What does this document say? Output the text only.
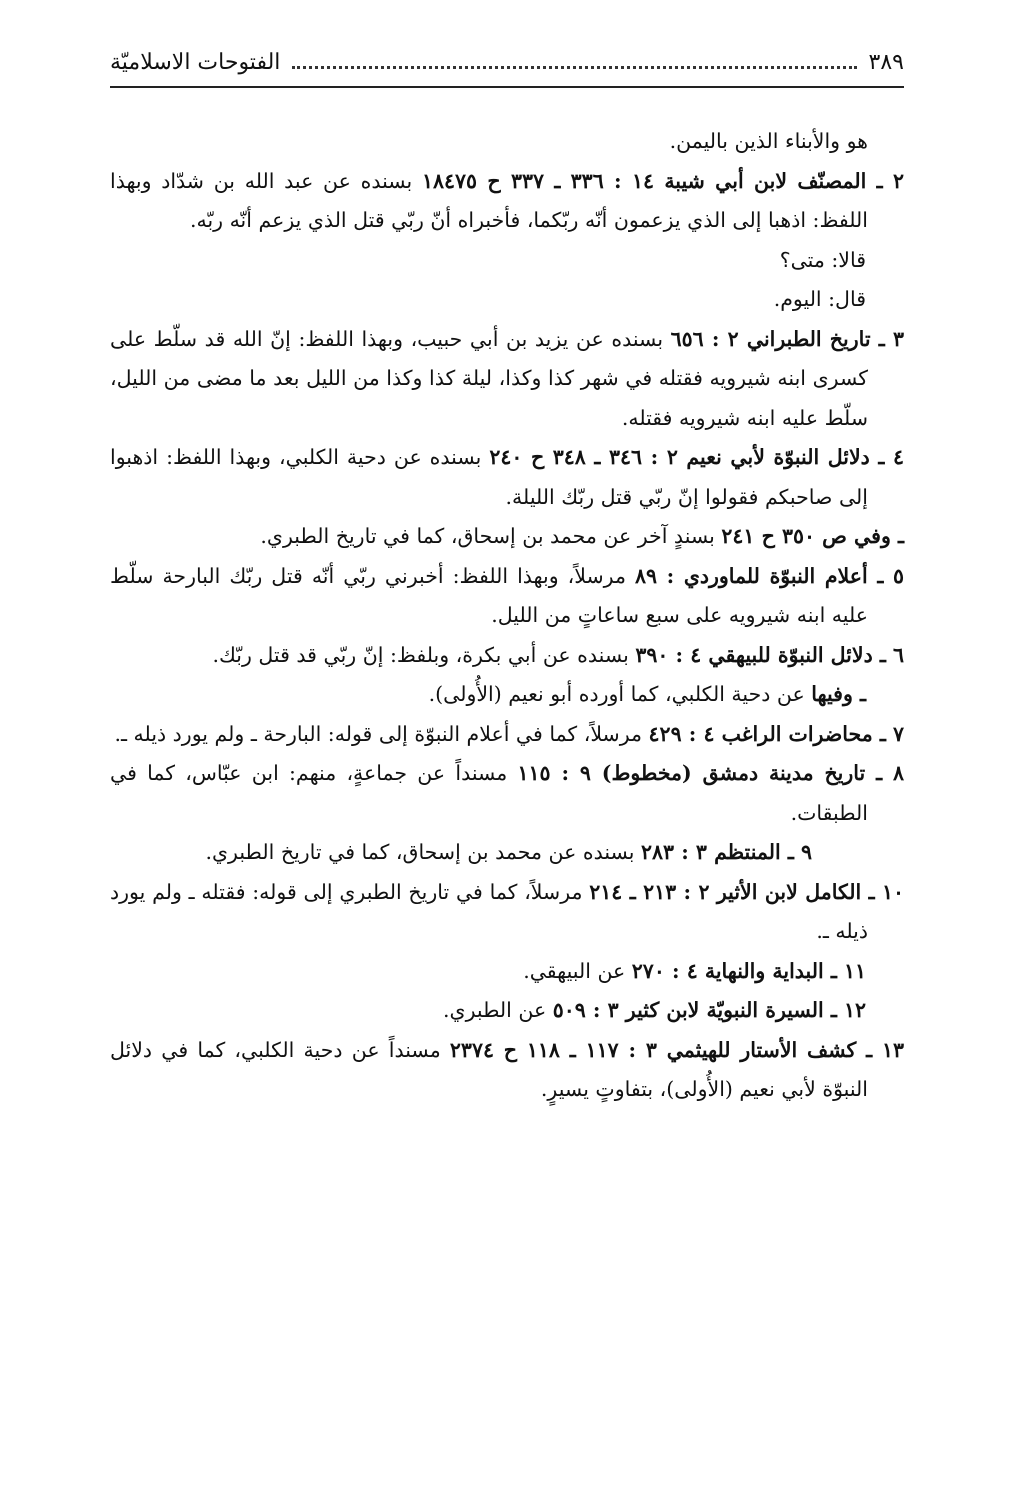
الفتوحات الاسلاميّة	٣٨٩

هو والأبناء الذين باليمن.

٢ ـ المصنّف لابن أبي شيبة ١٤ : ٣٣٦ ـ ٣٣٧ ح ١٨٤٧٥ بسنده عن عبد الله بن شدّاد وبهذا اللفظ: اذهبا إلى الذي يزعمون أنّه ربّكما، فأخبراه أنّ ربّي قتل الذي يزعم أنّه ربّه.

قالا: متى؟

قال: اليوم.

٣ ـ تاريخ الطبراني ٢ : ٦٥٦ بسنده عن يزيد بن أبي حبيب، وبهذا اللفظ: إنّ الله قد سلّط على كسرى ابنه شيرويه فقتله في شهر كذا وكذا، ليلة كذا وكذا من الليل بعد ما مضى من الليل، سلّط عليه ابنه شيرويه فقتله.

٤ ـ دلائل النبوّة لأبي نعيم ٢ : ٣٤٦ ـ ٣٤٨ ح ٢٤٠ بسنده عن دحية الكلبي، وبهذا اللفظ: اذهبوا إلى صاحبكم فقولوا إنّ ربّي قتل ربّك الليلة.

ـ وفي ص ٣٥٠ ح ٢٤١ بسندٍ آخر عن محمد بن إسحاق، كما في تاريخ الطبري.

٥ ـ أعلام النبوّة للماوردي : ٨٩ مرسلاً، وبهذا اللفظ: أخبرني ربّي أنّه قتل ربّك البارحة سلّط عليه ابنه شيرويه على سبع ساعاتٍ من الليل.

٦ ـ دلائل النبوّة للبيهقي ٤ : ٣٩٠ بسنده عن أبي بكرة، وبلفظ: إنّ ربّي قد قتل ربّك.

ـ وفيها عن دحية الكلبي، كما أورده أبو نعيم (الأُولى).

٧ ـ محاضرات الراغب ٤ : ٤٢٩ مرسلاً، كما في أعلام النبوّة إلى قوله: البارحة ـ ولم يورد ذيله ـ.

٨ ـ تاريخ مدينة دمشق (مخطوط) ٩ : ١١٥ مسنداً عن جماعةٍ، منهم: ابن عبّاس، كما في الطبقات.

٩ ـ المنتظم ٣ : ٢٨٣ بسنده عن محمد بن إسحاق، كما في تاريخ الطبري.

١٠ ـ الكامل لابن الأثير ٢ : ٢١٣ ـ ٢١٤ مرسلاً، كما في تاريخ الطبري إلى قوله: فقتله ـ ولم يورد ذيله ـ.

١١ ـ البداية والنهاية ٤ : ٢٧٠ عن البيهقي.

١٢ ـ السيرة النبويّة لابن كثير ٣ : ٥٠٩ عن الطبري.

١٣ ـ كشف الأستار للهيثمي ٣ : ١١٧ ـ ١١٨ ح ٢٣٧٤ مسنداً عن دحية الكلبي، كما في دلائل النبوّة لأبي نعيم (الأُولى)، بتفاوتٍ يسيرٍ.
